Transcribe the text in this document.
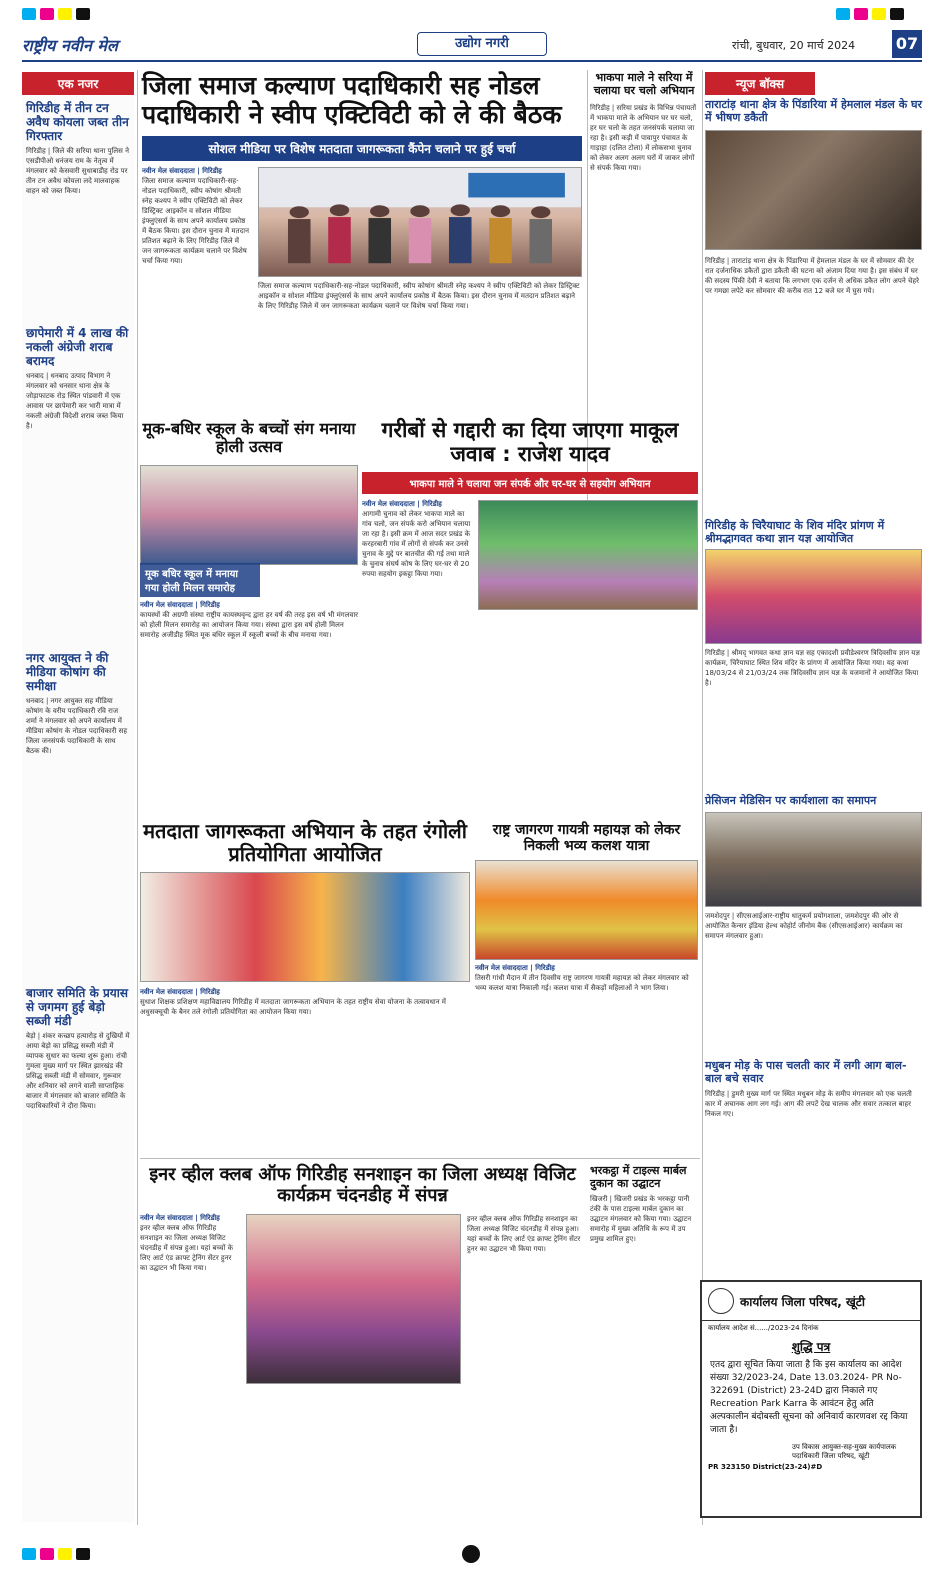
राष्ट्रीय नवीन मेल	उद्योग नगरी	रांची, बुधवार, 20 मार्च 2024	07
एक नजर
गिरिडीह में तीन टन अवैध कोयला जब्त तीन गिरफ्तार
गिरिडीह | जिले की सरिया थाना पुलिस ने एसडीपीओ धनंजय राम के नेतृत्व में मंगलवार को केसवारी सुधाबाडीह रोड पर तीन टन अवैध कोयला लदे मालवाहक वाहन को जब्त किया।
छापेमारी में 4 लाख की नकली अंग्रेजी शराब बरामद
धनबाद | धनबाद उत्पाद विभाग ने मंगलवार को धनसार थाना क्षेत्र के जोड़ाफाटक रोड स्थित पांडवारी में एक आवास पर छापेमारी कर भारी मात्रा में नकली अंग्रेजी विदेशी शराब जब्त किया है।
नगर आयुक्त ने की मीडिया कोषांग की समीक्षा
धनबाद | नगर आयुक्त सह मीडिया कोषांग के वरीय पदाधिकारी रवि राज शर्मा ने मंगलवार को अपने कार्यालय में मीडिया कोषांग के नोडल पदाधिकारी सह जिला जनसंपर्क पदाधिकारी के साथ बैठक की।
बाजार समिति के प्रयास से जगमग हुई बेड़ो सब्जी मंडी
बेड़ो | शंकर कच्छप हत्यारोड़ से दुखियों में आया बेड़ो का प्रसिद्ध सब्जी मंडी में व्यापक सुधार का फल्या शुरू हुआ। रांची गुमला मुख्य मार्ग पर स्थित झारखंड की प्रसिद्ध सब्जी मंडी में सोमवार, गुरूवार और शनिवार को लगने वाली साप्ताहिक बाजार में मंगलवार को बाजार समिति के पदाधिकारियों ने दौरा किया।
जिला समाज कल्याण पदाधिकारी सह नोडल पदाधिकारी ने स्वीप एक्टिविटी को ले की बैठक
सोशल मीडिया पर विशेष मतदाता जागरूकता कैंपेन चलाने पर हुई चर्चा
नवीन मेल संवाददाता | गिरिडीह
जिला समाज कल्याण पदाधिकारी-सह-नोडल पदाधिकारी, स्वीप कोषांग श्रीमती स्नेह कश्यप ने स्वीप एक्टिविटी को लेकर डिस्ट्रिक्ट आइकॉन व सोशल मीडिया इंफ्लुएंसर्स के साथ अपने कार्यालय प्रकोष्ठ में बैठक किया। इस दौरान चुनाव में मतदान प्रतिशत बढ़ाने के लिए गिरिडीह जिले में जन जागरूकता कार्यक्रम चलाने पर विशेष चर्चा किया गया।
जिला समाज कल्याण पदाधिकारी-सह-नोडल पदाधिकारी, स्वीप कोषांग श्रीमती स्नेह कश्यप ने स्वीप एक्टिविटी को लेकर डिस्ट्रिक्ट आइकॉन व सोशल मीडिया इंफ्लुएंसर्स के साथ अपने कार्यालय प्रकोष्ठ में बैठक किया। इस दौरान चुनाव में मतदान प्रतिशत बढ़ाने के लिए गिरिडीह जिले में जन जागरूकता कार्यक्रम चलाने पर विशेष चर्चा किया गया।
भाकपा माले ने सरिया में चलाया घर चलो अभियान
गिरिडीह | सरिया प्रखंड के विभिन्न पंचायतों में भाकपा माले के अभियान घर घर चलो, हर घर चलो के तहत जनसंपर्क चलाया जा रहा है। इसी कड़ी में पावापुर पंचायत के गाड़ाहा (दलित टोला) में लोकसभा चुनाव को लेकर अलग अलग घरों में जाकर लोगों से संपर्क किया गया।
न्यूज बॉक्स
ताराटांड़ थाना क्षेत्र के पिंडारिया में हेमलाल मंडल के घर में भीषण डकैती
गिरिडीह | ताराटांड़ थाना क्षेत्र के पिंडारिया में हेमलाल मंडल के घर में सोमवार की देर रात दर्जनाधिक डकैतों द्वारा डकैती की घटना को अंजाम दिया गया है। इस संबंध में घर की सदस्य पिंकी देवी ने बताया कि लगभग एक दर्जन से अधिक डकैत लोग अपने चेहरे पर गमछा लपेटे कर सोमवार की करीब रात 12 बजे घर में घुस गये।
मूक-बधिर स्कूल के बच्चों संग मनाया होली उत्सव
मूक बधिर स्कूल में मनाया गया होली मिलन समारोह
नवीन मेल संवाददाता | गिरिडीह
कायस्थों की अग्रणी संस्था राष्ट्रीय कायस्थवृन्द द्वारा हर वर्ष की तरह इस वर्ष भी मंगलवार को होली मिलन समारोह का आयोजन किया गया। संस्था द्वारा इस वर्ष होली मिलन समारोह अजीडीह स्थित मूक बधिर स्कूल में स्कूली बच्चों के बीच मनाया गया।
गरीबों से गद्दारी का दिया जाएगा माकूल जवाब : राजेश यादव
भाकपा माले ने चलाया जन संपर्क और घर-घर से सहयोग अभियान
नवीन मेल संवाददाता | गिरिडीह
आगामी चुनाव को लेकर भाकपा माले का गांव चलो, जन संपर्क करो अभियान चलाया जा रहा है। इसी क्रम में आज सदर प्रखंड के करहरबारी गांव में लोगों से संपर्क कर उनसे चुनाव के मुद्दे पर बातचीत की गई तथा माले के चुनाव संघर्ष कोष के लिए घर-घर से 20 रुपया सहयोग इकट्ठा किया गया।
गिरिडीह के चिरैयाघाट के शिव मंदिर प्रांगण में श्रीमद्भागवत कथा ज्ञान यज्ञ आयोजित
गिरिडीह | श्रीमद् भागवत कथा ज्ञान यज्ञ सह एकादशी प्रवीडेश्वरण त्रिदिवसीय ज्ञान यज्ञ कार्यक्रम, चिरैयाघाट स्थित शिव मंदिर के प्रांगण में आयोजित किया गया। यह कथा 18/03/24 से 21/03/24 तक त्रिदिवसीय ज्ञान यज्ञ के यजमानों ने आयोजित किया है।
प्रेसिजन मेडिसिन पर कार्यशाला का समापन
जमशेदपुर | सीएसआईआर-राष्ट्रीय धातुकर्म प्रयोगशाला, जमशेदपुर की ओर से आयोजित कैन्सर इंडिया हेल्थ कोहोर्ट जीनोम बैंक (सीएसआईआर) कार्यक्रम का समापन मंगलवार हुआ।
मतदाता जागरूकता अभियान के तहत रंगोली प्रतियोगिता आयोजित
नवीन मेल संवाददाता | गिरिडीह
सुधाश शिक्षक प्रशिक्षण महाविद्यालय गिरिडीह में मतदाता जागरूकता अभियान के तहत राष्ट्रीय सेवा योजना के तत्वावधान में अधुसक्चूची के बैनर तले रंगोली प्रतियोगिता का आयोजन किया गया।
राष्ट्र जागरण गायत्री महायज्ञ को लेकर निकली भव्य कलश यात्रा
नवीन मेल संवाददाता | गिरिडीह
तिसरी गांधी मैदान में तीन दिवसीय राष्ट्र जागरण गायत्री महायज्ञ को लेकर मंगलवार को भव्य कलश यात्रा निकाली गई। कलश यात्रा में सैकड़ों महिलाओं ने भाग लिया।
मधुबन मोड़ के पास चलती कार में लगी आग बाल-बाल बचे सवार
गिरिडीह | डुमरी मुख्य मार्ग पर स्थित मधुबन मोड़ के समीप मंगलवार को एक चलती कार में अचानक आग लग गई। आग की लपटें देख चालक और सवार तत्काल बाहर निकल गए।
इनर व्हील क्लब ऑफ गिरिडीह सनशाइन का जिला अध्यक्ष विजिट कार्यक्रम चंदनडीह में संपन्न
नवीन मेल संवाददाता | गिरिडीह
इनर व्हील क्लब ऑफ गिरिडीह सनशाइन का जिला अध्यक्ष विजिट चंदनडीह में संपन्न हुआ। यहां बच्चों के लिए आर्ट एंड क्राफ्ट ट्रेनिंग सेंटर हुनर का उद्घाटन भी किया गया।
इनर व्हील क्लब ऑफ गिरिडीह सनशाइन का जिला अध्यक्ष विजिट चंदनडीह में संपन्न हुआ। यहां बच्चों के लिए आर्ट एंड क्राफ्ट ट्रेनिंग सेंटर हुनर का उद्घाटन भी किया गया।
भरकट्ठा में टाइल्स मार्बल दुकान का उद्घाटन
खिजरी | खिजरी प्रखंड के भरकट्ठा पानी टंकी के पास टाइल्स मार्बल दुकान का उद्घाटन मंगलवार को किया गया। उद्घाटन समारोह में मुख्य अतिथि के रूप में उप प्रमुख शामिल हुए।
कार्यालय जिला परिषद, खूंटी
कार्यालय आदेश सं....../2023-24 दिनांक
शुद्धि पत्र
एतद द्वारा सूचित किया जाता है कि इस कार्यालय का आदेश संख्या 32/2023-24, Date 13.03.2024- PR No- 322691 (District) 23-24D द्वारा निकाले गए Recreation Park Karra के आवंटन हेतु अति अल्पकालीन बंदोबस्ती सूचना को अनिवार्य कारणवश रद्द किया जाता है।
उप विकास आयुक्त-सह-मुख्य कार्यपालक पदाधिकारी जिला परिषद, खूंटी
PR 323150 District(23-24)#D
